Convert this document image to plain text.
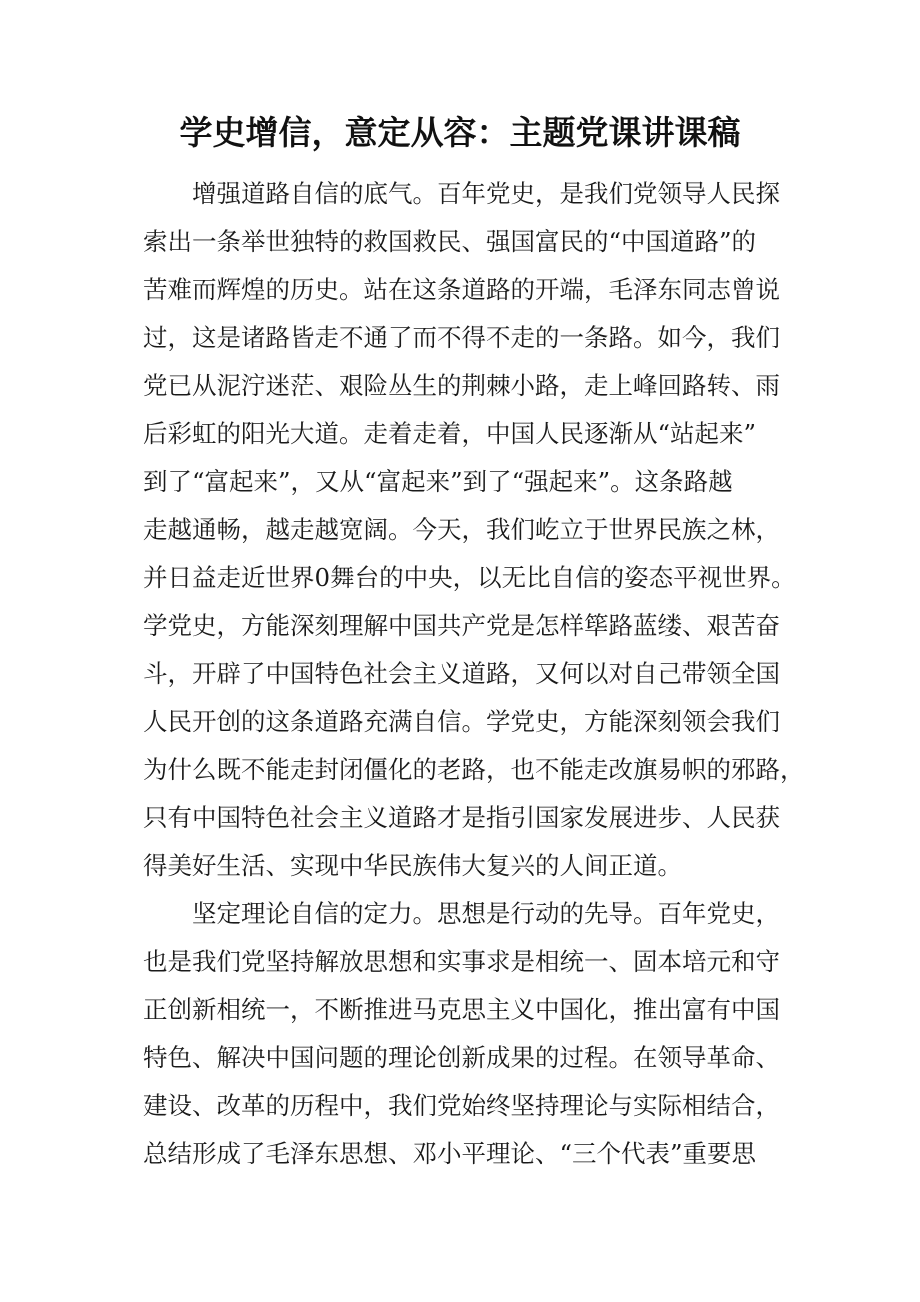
学史增信，意定从容：主题党课讲课稿
增强道路自信的底气。百年党史，是我们党领导人民探
索出一条举世独特的救国救民、强国富民的“中国道路”的
苦难而辉煌的历史。站在这条道路的开端，毛泽东同志曾说
过，这是诸路皆走不通了而不得不走的一条路。如今，我们
党已从泥泞迷茫、艰险丛生的荆棘小路，走上峰回路转、雨
后彩虹的阳光大道。走着走着，中国人民逐渐从“站起来”
到了“富起来”，又从“富起来”到了“强起来”。这条路越
走越通畅，越走越宽阔。今天，我们屹立于世界民族之林，
并日益走近世界0舞台的中央，以无比自信的姿态平视世界。
学党史，方能深刻理解中国共产党是怎样筚路蓝缕、艰苦奋
斗，开辟了中国特色社会主义道路，又何以对自己带领全国
人民开创的这条道路充满自信。学党史，方能深刻领会我们
为什么既不能走封闭僵化的老路，也不能走改旗易帜的邪路，
只有中国特色社会主义道路才是指引国家发展进步、人民获
得美好生活、实现中华民族伟大复兴的人间正道。
坚定理论自信的定力。思想是行动的先导。百年党史，
也是我们党坚持解放思想和实事求是相统一、固本培元和守
正创新相统一，不断推进马克思主义中国化，推出富有中国
特色、解决中国问题的理论创新成果的过程。在领导革命、
建设、改革的历程中，我们党始终坚持理论与实际相结合，
总结形成了毛泽东思想、邓小平理论、“三个代表”重要思
